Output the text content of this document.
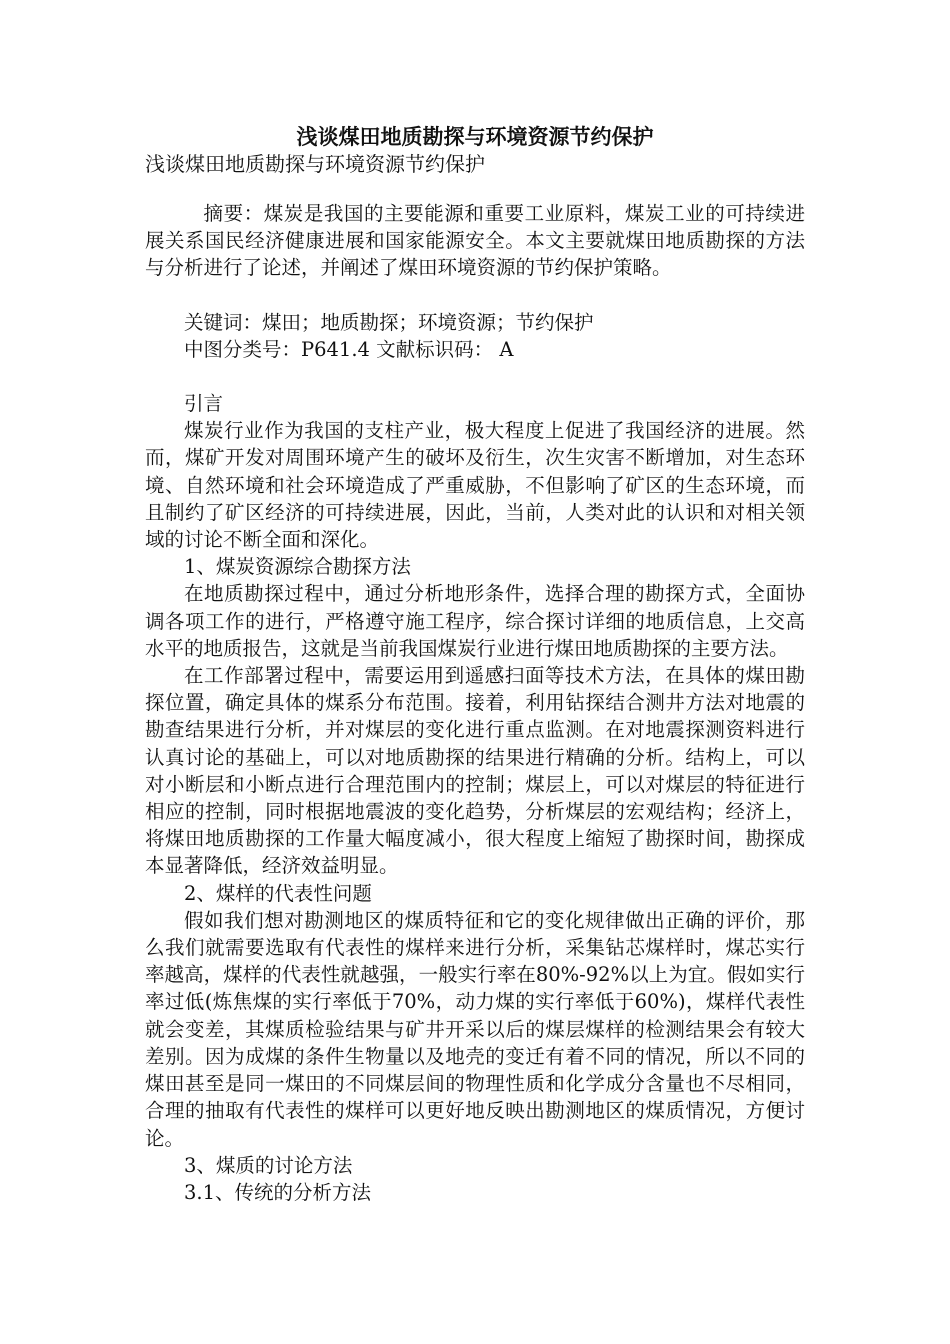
浅谈煤田地质勘探与环境资源节约保护
浅谈煤田地质勘探与环境资源节约保护

摘要：煤炭是我国的主要能源和重要工业原料，煤炭工业的可持续进展关系国民经济健康进展和国家能源安全。本文主要就煤田地质勘探的方法与分析进行了论述，并阐述了煤田环境资源的节约保护策略。

关键词：煤田；地质勘探；环境资源；节约保护

中图分类号：P641.4 文献标识码： A

引言

煤炭行业作为我国的支柱产业，极大程度上促进了我国经济的进展。然而，煤矿开发对周围环境产生的破坏及衍生，次生灾害不断增加，对生态环境、自然环境和社会环境造成了严重威胁，不但影响了矿区的生态环境，而且制约了矿区经济的可持续进展，因此，当前，人类对此的认识和对相关领域的讨论不断全面和深化。

1、煤炭资源综合勘探方法

在地质勘探过程中，通过分析地形条件，选择合理的勘探方式，全面协调各项工作的进行，严格遵守施工程序，综合探讨详细的地质信息，上交高水平的地质报告，这就是当前我国煤炭行业进行煤田地质勘探的主要方法。

在工作部署过程中，需要运用到遥感扫面等技术方法，在具体的煤田勘探位置，确定具体的煤系分布范围。接着，利用钻探结合测井方法对地震的勘查结果进行分析，并对煤层的变化进行重点监测。在对地震探测资料进行认真讨论的基础上，可以对地质勘探的结果进行精确的分析。结构上，可以对小断层和小断点进行合理范围内的控制；煤层上，可以对煤层的特征进行相应的控制，同时根据地震波的变化趋势，分析煤层的宏观结构；经济上，将煤田地质勘探的工作量大幅度减小，很大程度上缩短了勘探时间，勘探成本显著降低，经济效益明显。

2、煤样的代表性问题

假如我们想对勘测地区的煤质特征和它的变化规律做出正确的评价，那么我们就需要选取有代表性的煤样来进行分析，采集钻芯煤样时，煤芯实行率越高，煤样的代表性就越强，一般实行率在80%-92%以上为宜。假如实行率过低(炼焦煤的实行率低于70%，动力煤的实行率低于60%)，煤样代表性就会变差，其煤质检验结果与矿井开采以后的煤层煤样的检测结果会有较大差别。因为成煤的条件生物量以及地壳的变迁有着不同的情况，所以不同的煤田甚至是同一煤田的不同煤层间的物理性质和化学成分含量也不尽相同，合理的抽取有代表性的煤样可以更好地反映出勘测地区的煤质情况，方便讨论。

3、煤质的讨论方法

3.1、传统的分析方法
